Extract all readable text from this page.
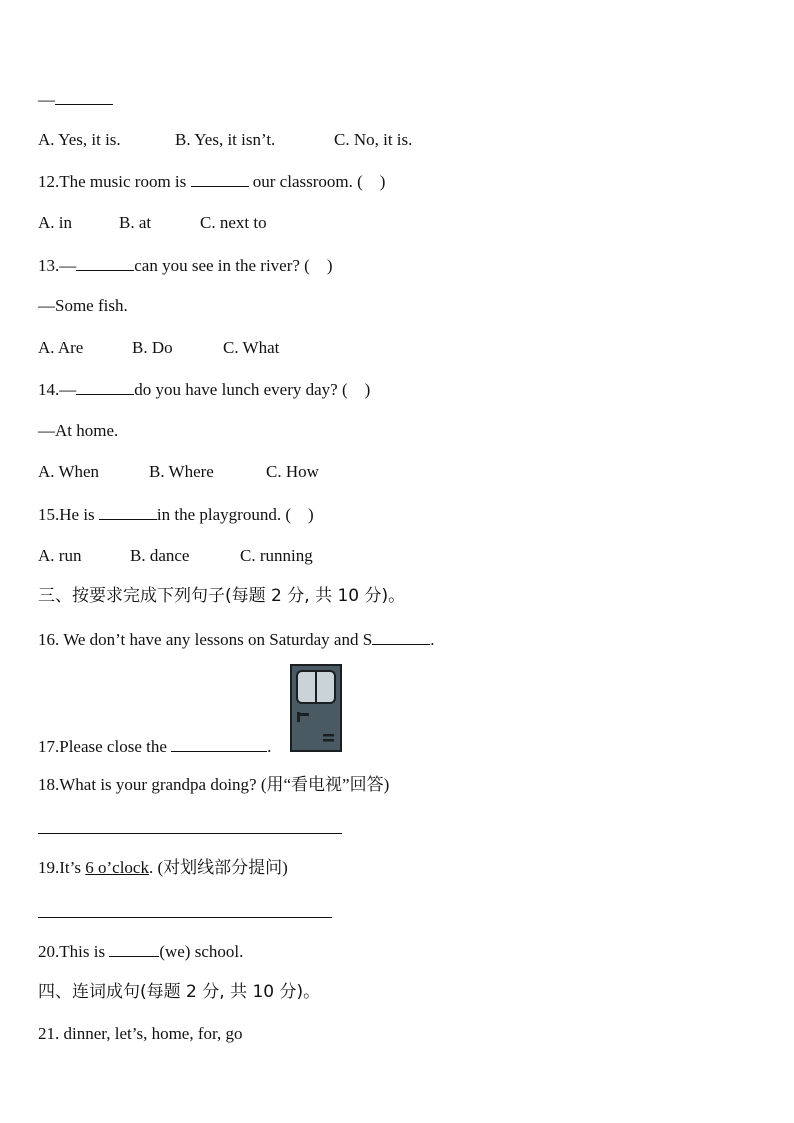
—
A. Yes, it is.	B. Yes, it isn’t.	C. No, it is.
12.The music room is	our classroom. (　)
A. in	B. at	C. next to
13.—	can you see in the river? (　)
—Some fish.
A. Are	B. Do	C. What
14.—	do you have lunch every day? (　)
—At home.
A. When	B. Where	C. How
15.He is	in the playground. (　)
A. run	B. dance	C. running
三、按要求完成下列句子(每题 2 分, 共 10 分)。
16. We don’t have any lessons on Saturday and S	.
17.Please close the	.
18.What is your grandpa doing? (用“看电视”回答)
19.It’s 6 o’clock. (对划线部分提问)
20.This is	(we) school.
四、连词成句(每题 2 分, 共 10 分)。
21. dinner, let’s, home, for, go
